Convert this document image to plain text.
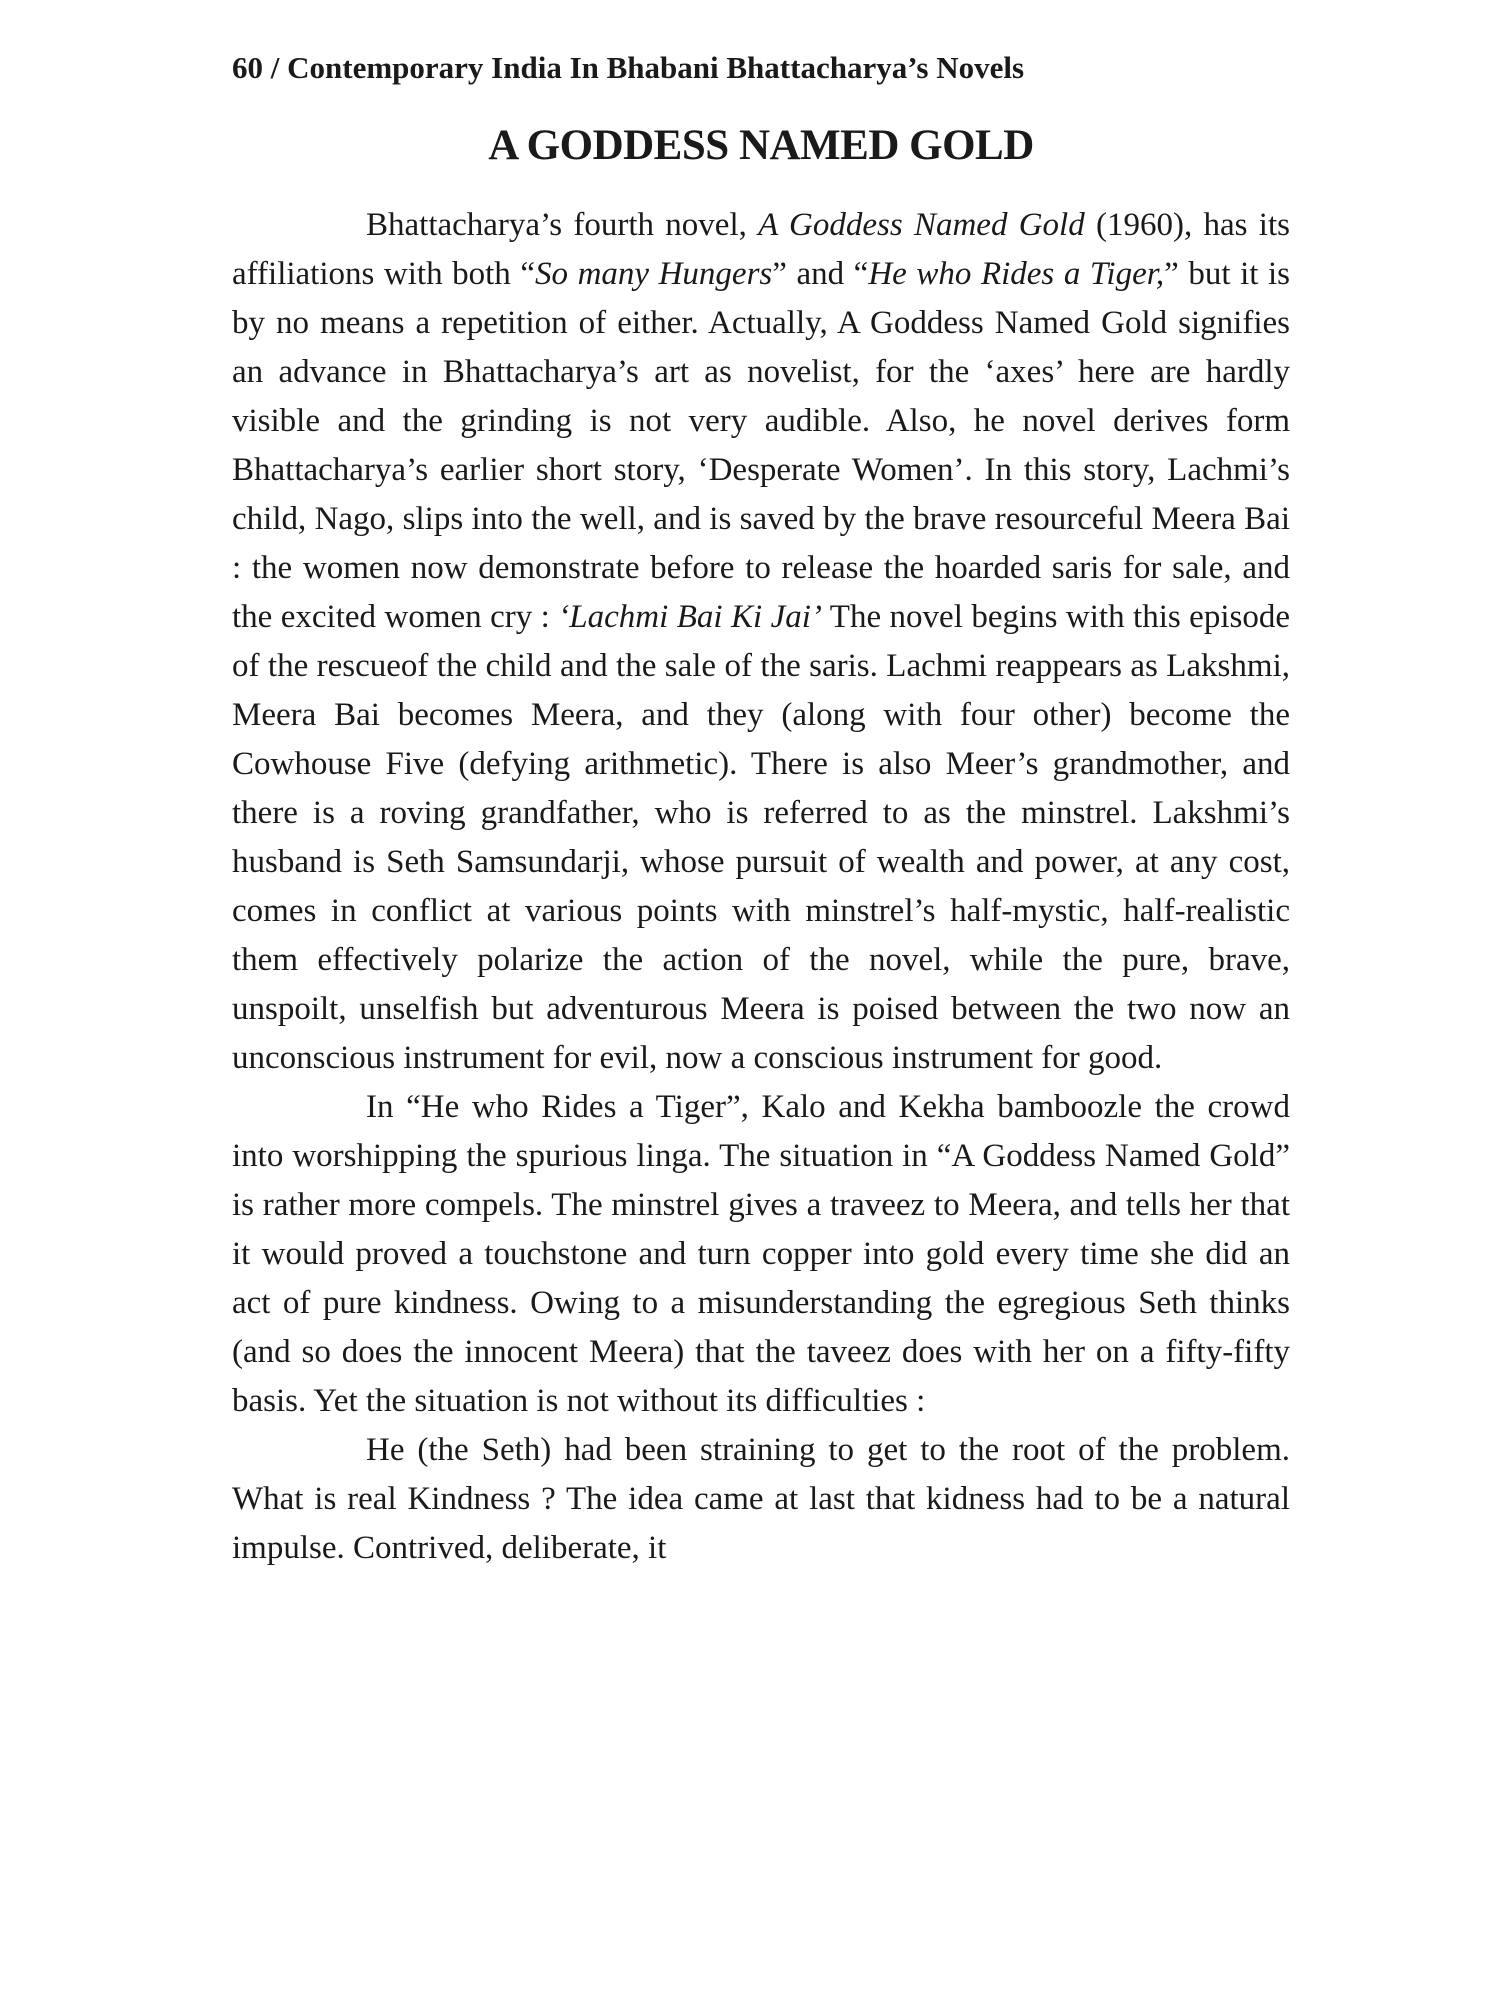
60 / Contemporary India In Bhabani Bhattacharya’s Novels

A GODDESS NAMED GOLD

Bhattacharya’s fourth novel, A Goddess Named Gold (1960), has its affiliations with both “So many Hungers” and “He who Rides a Tiger,” but it is by no means a repetition of either. Actually, A Goddess Named Gold signifies an advance in Bhattacharya’s art as novelist, for the ‘axes’ here are hardly visible and the grinding is not very audible. Also, he novel derives form Bhattacharya’s earlier short story, ‘Desperate Women’. In this story, Lachmi’s child, Nago, slips into the well, and is saved by the brave resourceful Meera Bai : the women now demonstrate before to release the hoarded saris for sale, and the excited women cry : ‘Lachmi Bai Ki Jai’ The novel begins with this episode of the rescueof the child and the sale of the saris. Lachmi reappears as Lakshmi, Meera Bai becomes Meera, and they (along with four other) become the Cowhouse Five (defying arithmetic). There is also Meer’s grandmother, and there is a roving grandfather, who is referred to as the minstrel. Lakshmi’s husband is Seth Samsundarji, whose pursuit of wealth and power, at any cost, comes in conflict at various points with minstrel’s half-mystic, half-realistic them effectively polarize the action of the novel, while the pure, brave, unspoilt, unselfish but adventurous Meera is poised between the two now an unconscious instrument for evil, now a conscious instrument for good.

In “He who Rides a Tiger”, Kalo and Kekha bamboozle the crowd into worshipping the spurious linga. The situation in “A Goddess Named Gold” is rather more compels. The minstrel gives a traveez to Meera, and tells her that it would proved a touchstone and turn copper into gold every time she did an act of pure kindness. Owing to a misunderstanding the egregious Seth thinks (and so does the innocent Meera) that the taveez does with her on a fifty-fifty basis. Yet the situation is not without its difficulties :

He (the Seth) had been straining to get to the root of the problem. What is real Kindness ? The idea came at last that kidness had to be a natural impulse. Contrived, deliberate, it
